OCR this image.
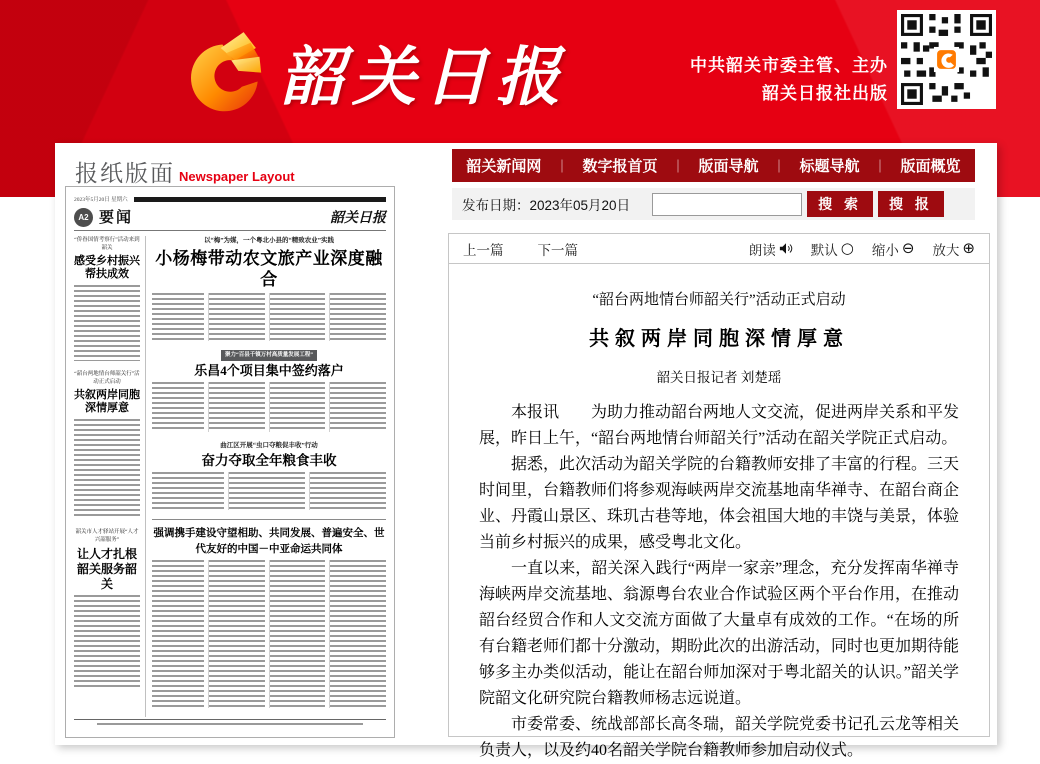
韶关日报	中共韶关市委主管、主办
韶关日报社出版
报纸版面 Newspaper Layout
韶关新闻网 ｜ 数字报首页 ｜ 版面导航 ｜ 标题导航 ｜ 版面概览
发布日期： 2023年05月20日	搜 索	搜 报
2023年5月20日 星期六
A2 要闻	韶关日报
“侨眷国情考察行”活动来到韶关
感受乡村振兴帮扶成效
“韶台两地情台师韶关行”活动正式启动
共叙两岸同胞深情厚意
韶关市人才驿站开展“人才兴韶服务”
让人才扎根韶关服务韶关
以“梅”为媒，一个粤北小县的“精致农业”实践
小杨梅带动农文旅产业深度融合
聚力“百县千镇万村高质量发展工程”
乐昌4个项目集中签约落户
曲江区开展“虫口夺粮促丰收”行动
奋力夺取全年粮食丰收
强调携手建设守望相助、共同发展、普遍安全、世代友好的中国－中亚命运共同体
上一篇	下一篇	朗读	默认 ○ 缩小 ⊖ 放大 ⊕
“韶台两地情台师韶关行”活动正式启动
共叙两岸同胞深情厚意
韶关日报记者 刘楚瑶

本报讯　　为助力推动韶台两地人文交流，促进两岸关系和平发展，昨日上午，“韶台两地情台师韶关行”活动在韶关学院正式启动。

据悉，此次活动为韶关学院的台籍教师安排了丰富的行程。三天时间里，台籍教师们将参观海峡两岸交流基地南华禅寺、在韶台商企业、丹霞山景区、珠玑古巷等地，体会祖国大地的丰饶与美景，体验当前乡村振兴的成果，感受粤北文化。

一直以来，韶关深入践行“两岸一家亲”理念，充分发挥南华禅寺海峡两岸交流基地、翁源粤台农业合作试验区两个平台作用，在推动韶台经贸合作和人文交流方面做了大量卓有成效的工作。“在场的所有台籍老师们都十分激动，期盼此次的出游活动，同时也更加期待能够多主办类似活动，能让在韶台师加深对于粤北韶关的认识。”韶关学院韶文化研究院台籍教师杨志远说道。

市委常委、统战部部长高冬瑞，韶关学院党委书记孔云龙等相关负责人，以及约40名韶关学院台籍教师参加启动仪式。
